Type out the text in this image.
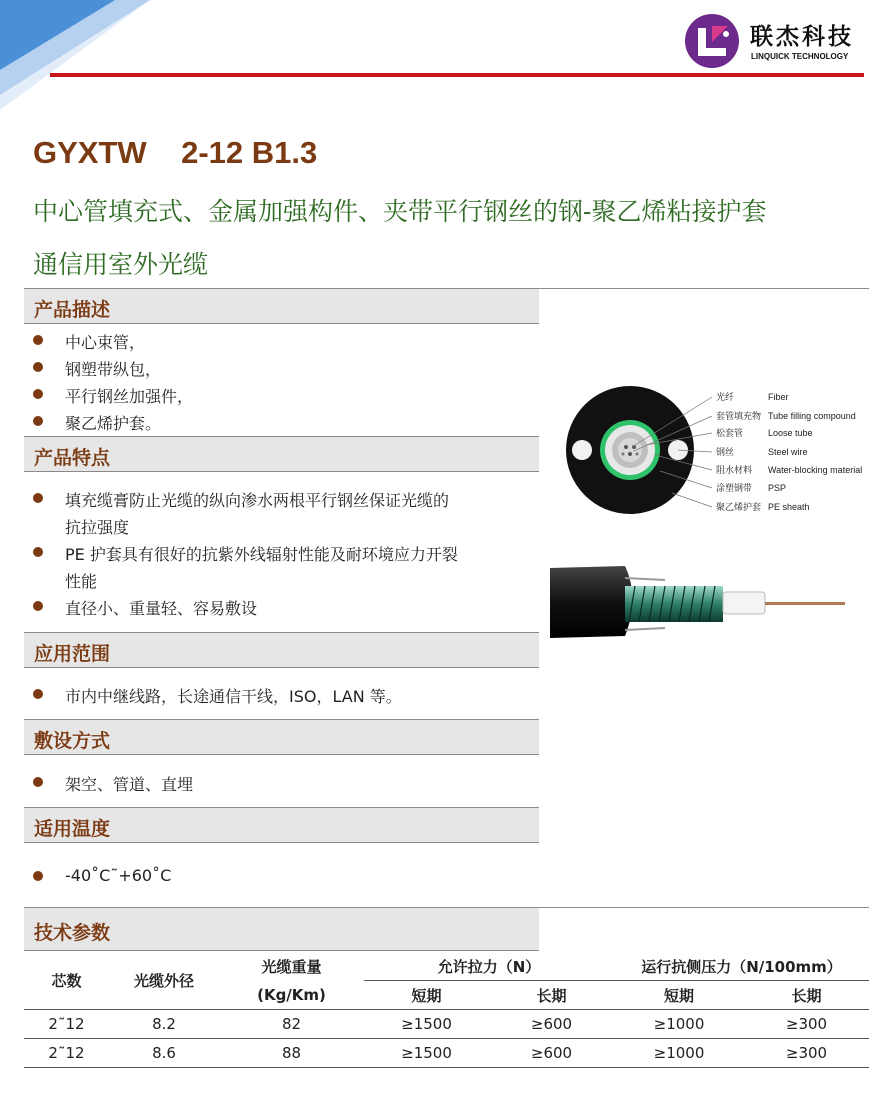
联杰科技
LINQUICK TECHNOLOGY
GYXTW    2-12 B1.3
中心管填充式、金属加强构件、夹带平行钢丝的钢-聚乙烯粘接护套
通信用室外光缆
产品描述
中心束管，
钢塑带纵包，
平行钢丝加强件，
聚乙烯护套。
产品特点
填充缆膏防止光缆的纵向渗水两根平行钢丝保证光缆的
抗拉强度
PE 护套具有很好的抗紫外线辐射性能及耐环境应力开裂
性能
直径小、重量轻、容易敷设
应用范围
市内中继线路，长途通信干线，ISO，LAN 等。
敷设方式
架空、管道、直埋
适用温度
-40˚C˜+60˚C
技术参数
光纤
套管填充物
松套管
钢丝
阻水材料
涂塑钢带
聚乙烯护套
Fiber
Tube filling compound
Loose tube
Steel wire
Water-blocking material
PSP
PE sheath
芯数	光缆外径	光缆重量	允许拉力（N）		运行抗侧压力（N/100mm）	
		(Kg/Km)	短期	长期	短期	长期
2˜12	8.2	82	≥1500	≥600	≥1000	≥300
2˜12	8.6	88	≥1500	≥600	≥1000	≥300
